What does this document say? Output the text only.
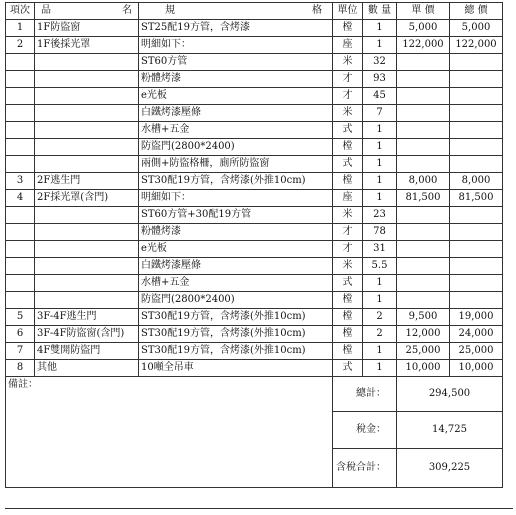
項次	品 名	規 格	單位	數 量	單 價	總 價
1	1F防盜窗	ST25配19方管，含烤漆	樘	1	5,000	5,000
2	1F後採光罩	明細如下：	座	1	122,000	122,000
		ST60方管	米	32		
		粉體烤漆	才	93		
		e光板	才	45		
		白鐵烤漆壓條	米	7		
		水槽+五金	式	1		
		防盜門(2800*2400)	樘	1		
		兩側+防盜格柵，廁所防盜窗	式	1		
3	2F逃生門	ST30配19方管，含烤漆(外推10cm)	樘	1	8,000	8,000
4	2F採光罩(含門)	明細如下：	座	1	81,500	81,500
		ST60方管+30配19方管	米	23		
		粉體烤漆	才	78		
		e光板	才	31		
		白鐵烤漆壓條	米	5.5		
		水槽+五金	式	1		
		防盜門(2800*2400)	樘	1		
5	3F-4F逃生門	ST30配19方管，含烤漆(外推10cm)	樘	2	9,500	19,000
6	3F-4F防盜窗(含門)	ST30配19方管，含烤漆(外推10cm)	樘	2	12,000	24,000
7	4F雙開防盜門	ST30配19方管，含烤漆(外推10cm)	樘	1	25,000	25,000
8	其他	10噸全吊車	式	1	10,000	10,000
備註：			總計：		294,500	
			稅金：		14,725	
			含稅合計：		309,225	
